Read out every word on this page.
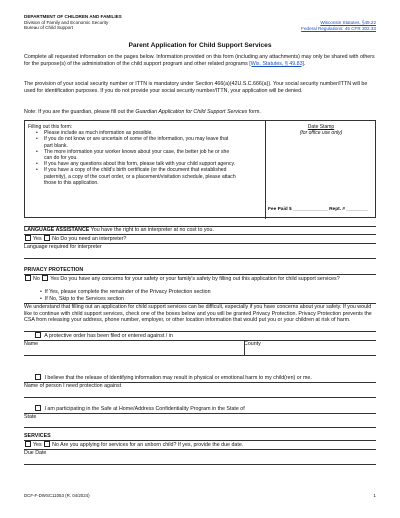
DEPARTMENT OF CHILDREN AND FAMILIES
Division of Family and Economic Security
Bureau of Child Support
Wisconsin Statutes, §49.22
Federal Regulations: 45 CFR 302.33
Parent Application for Child Support Services
Complete all requested information on the pages below. Information provided on this form (including any attachments) may only be shared with others for the purpose(s) of the administration of the child support program and other related programs [Wis. Statutes, § 49.83].
The provision of your social security number or ITTN is mandatory under Section 466(a)(42U.S.C.666(a)). Your social security number/ITTN will be used for identification purposes. If you do not provide your social security number/ITTN, your application will be denied.
Note: If you are the guardian, please fill out the Guardian Application for Child Support Services form.
Filling out this form:
• Please include as much information as possible.
• If you do not know or are uncertain of some of the information, you may leave that part blank.
• The more information your worker knows about your case, the better job he or she can do for you.
• If you have any questions about this form, please talk with your child support agency.
• If you have a copy of the child's birth certificate (or the document that established paternity), a copy of the court order, or a placement/visitation schedule, please attach those to this application.
Date Stamp
(for office use only)
Fee Paid $ _____________ Rept. # ________
LANGUAGE ASSISTANCE You have the right to an interpreter at no cost to you.
Yes No Do you need an interpreter?
Language required for interpreter
PRIVACY PROTECTION
No Yes Do you have any concerns for your safety or your family's safety by filling out this application for child support services?
•  If Yes, please complete the remainder of the Privacy Protection section
•  If No, Skip to the Services section
We understand that filling out an application for child support services can be difficult, especially if you have concerns about your safety. If you would like to continue with child support services, check one of the boxes below and you will be granted Privacy Protection. Privacy Protection prevents the CSA from releasing your address, phone number, employer, or other location information that would put you or your children at risk of harm.
A protective order has been filed or entered against / in
Name	County
I believe that the release of identifying information may result in physical or emotional harm to my child(ren) or me.
Name of person I need protection against
I am participating in the Safe at Home/Address Confidentiality Program in the State of
State
SERVICES
Yes No Are you applying for services for an unborn child? If yes, provide the due date.
Due Date
DCF-F-DWSC11053 (R. 04/2024)	1
